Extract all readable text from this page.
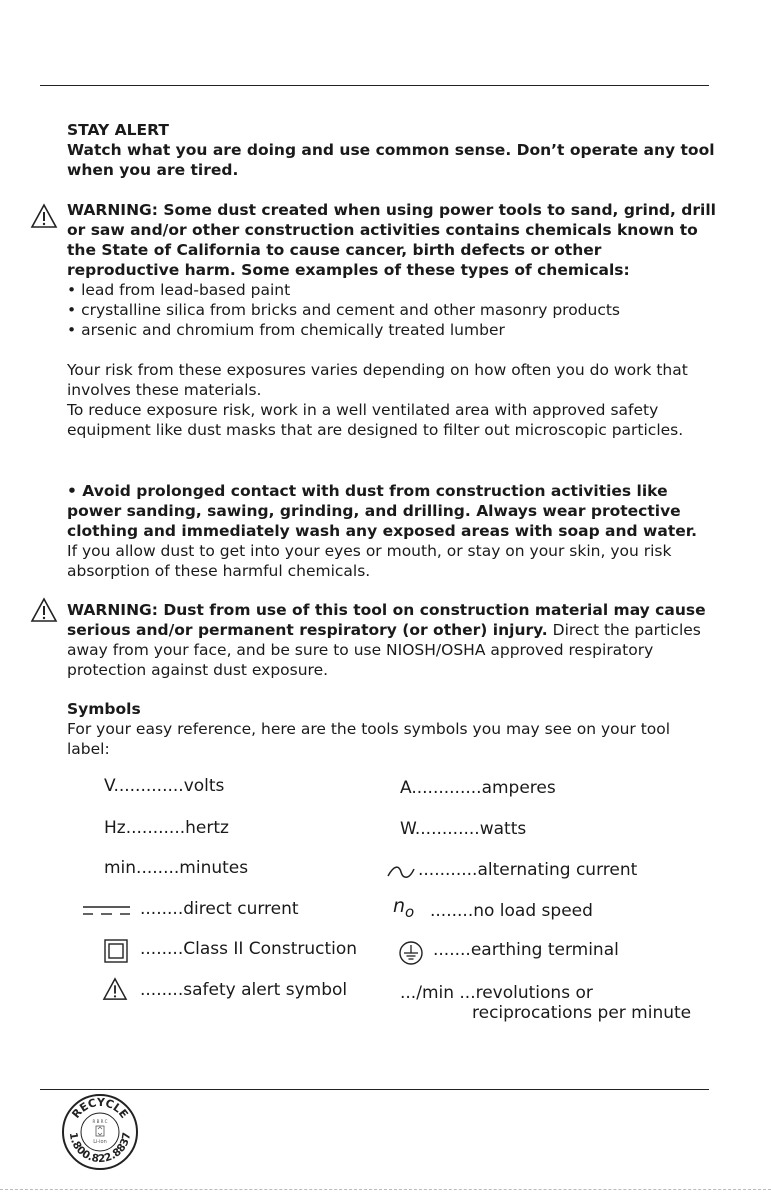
STAY ALERT

Watch what you are doing and use common sense. Don’t operate any tool when you are tired.

WARNING: Some dust created when using power tools to sand, grind, drill or saw and/or other construction activities contains chemicals known to the State of California to cause cancer, birth defects or other reproductive harm. Some examples of these types of chemicals:

• lead from lead-based paint

• crystalline silica from bricks and cement and other masonry products

• arsenic and chromium from chemically treated lumber

Your risk from these exposures varies depending on how often you do work that involves these materials.

To reduce exposure risk, work in a well ventilated area with approved safety equipment like dust masks that are designed to filter out microscopic particles.

• Avoid prolonged contact with dust from construction activities like power sanding, sawing, grinding, and drilling. Always wear protective clothing and immediately wash any exposed areas with soap and water.

If you allow dust to get into your eyes or mouth, or stay on your skin, you risk absorption of these harmful chemicals.

WARNING: Dust from use of this tool on construction material may cause serious and/or permanent respiratory (or other) injury. Direct the particles away from your face, and be sure to use NIOSH/OSHA approved respiratory protection against dust exposure.

Symbols

For your easy reference, here are the tools symbols you may see on your tool label:

V.............volts
Hz...........hertz
min........minutes
........direct current
........Class II Construction
........safety alert symbol
A.............amperes
W............watts
...........alternating current
$n_o$ ........no load speed
.......earthing terminal
.../min ...revolutions or
reciprocations per minute
RECYCLE
1.800.822.8837
R B R C
Li-ion
